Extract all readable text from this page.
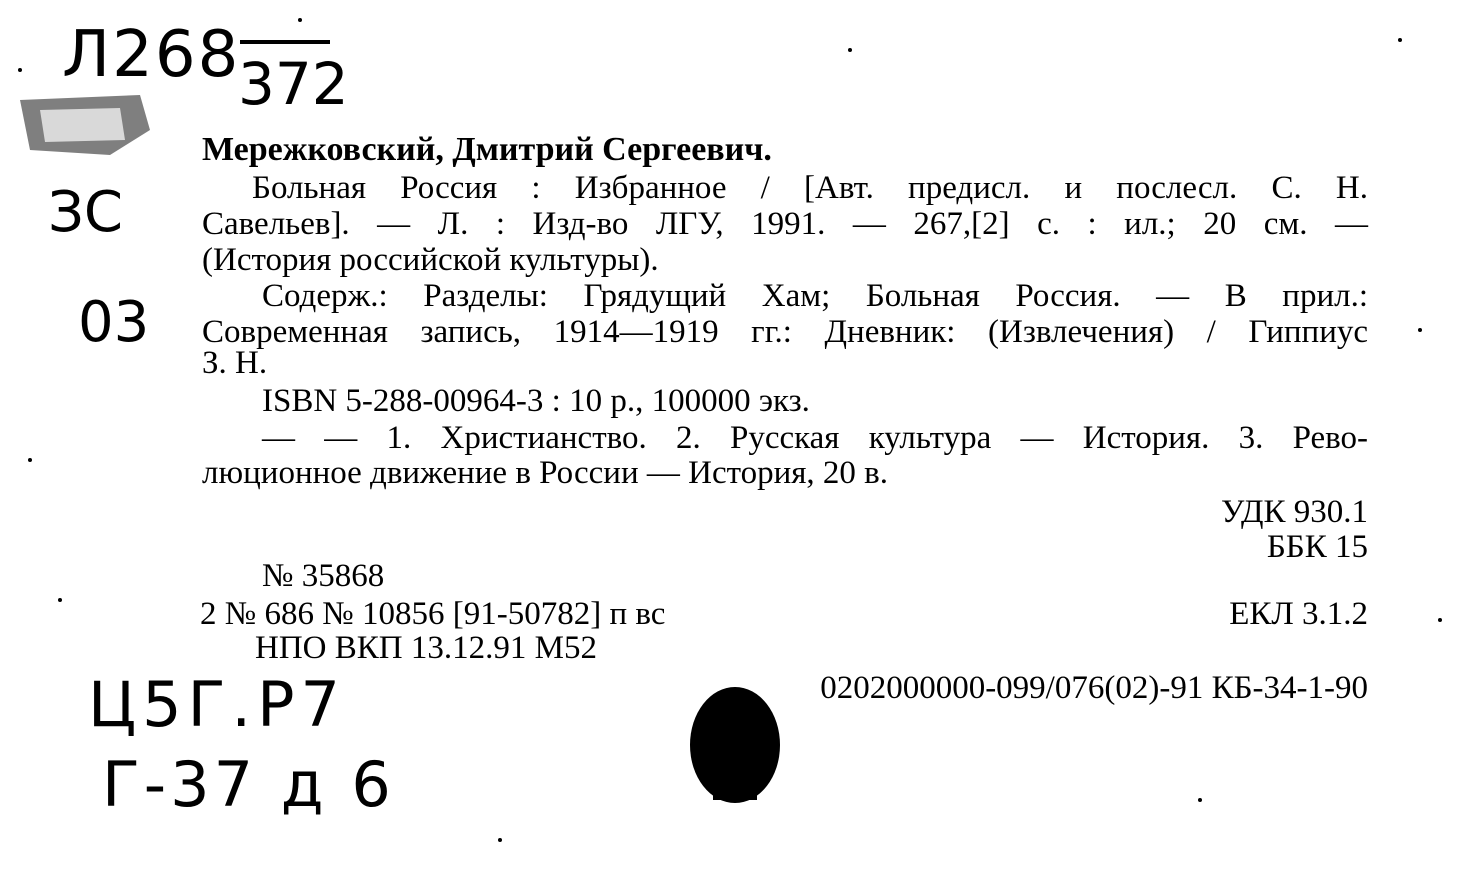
Л268
372
ЗС
03
Ц5Г.Р7
Г-37 д 6
Мережковский, Дмитрий Сергеевич.
Больная Россия : Избранное / [Авт. предисл. и послесл. С. Н.
Савельев]. — Л. : Изд-во ЛГУ, 1991. — 267,[2] с. : ил.; 20 см. —
(История российской культуры).
Содерж.: Разделы: Грядущий Хам; Больная Россия. — В прил.:
Современная запись, 1914—1919 гг.: Дневник: (Извлечения) / Гиппиус
З. Н.
ISBN 5-288-00964-3 : 10 р., 100000 экз.
— — 1. Христианство. 2. Русская культура — История. 3. Рево-
люционное движение в России — История, 20 в.
УДК 930.1
ББК 15
№ 35868
2 № 686 № 10856 [91-50782] п вс	ЕКЛ 3.1.2
НПО ВКП 13.12.91 М52
0202000000-099/076(02)-91 КБ-34-1-90
